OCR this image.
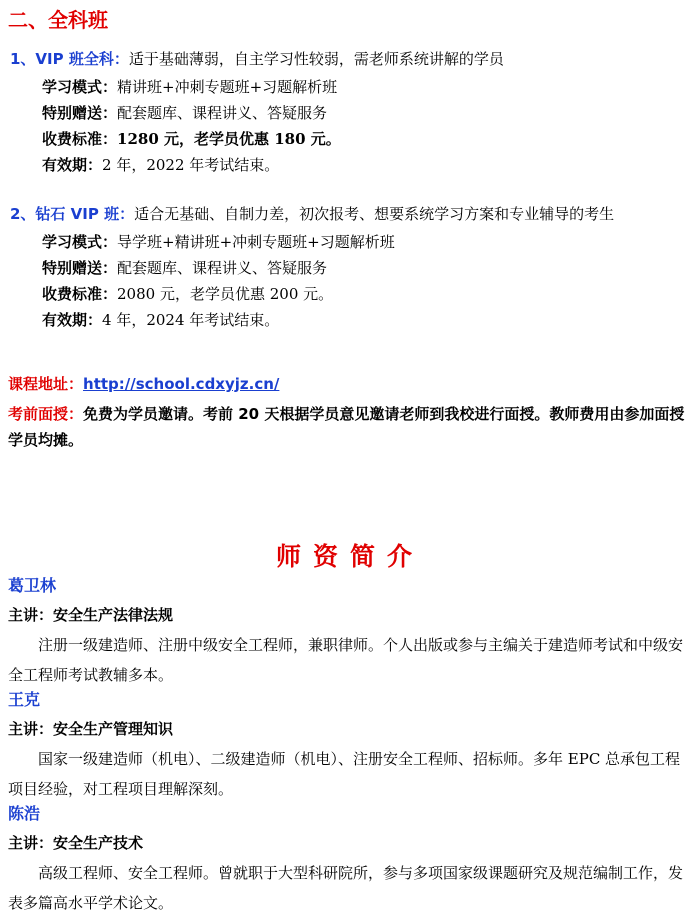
二、全科班
1、VIP 班全科：适于基础薄弱，自主学习性较弱，需老师系统讲解的学员
学习模式：精讲班+冲刺专题班+习题解析班
特别赠送：配套题库、课程讲义、答疑服务
收费标准：1280 元，老学员优惠 180 元。
有效期：2 年，2022 年考试结束。
2、钻石 VIP 班：适合无基础、自制力差，初次报考、想要系统学习方案和专业辅导的考生
学习模式：导学班+精讲班+冲刺专题班+习题解析班
特别赠送：配套题库、课程讲义、答疑服务
收费标准：2080 元，老学员优惠 200 元。
有效期：4 年，2024 年考试结束。
课程地址：http://school.cdxyjz.cn/
考前面授：免费为学员邀请。考前 20 天根据学员意见邀请老师到我校进行面授。教师费用由参加面授学员均摊。
师资简介
葛卫林
主讲：安全生产法律法规
注册一级建造师、注册中级安全工程师，兼职律师。个人出版或参与主编关于建造师考试和中级安全工程师考试教辅多本。
王克
主讲：安全生产管理知识
国家一级建造师（机电）、二级建造师（机电）、注册安全工程师、招标师。多年 EPC 总承包工程项目经验，对工程项目理解深刻。
陈浩
主讲：安全生产技术
高级工程师、安全工程师。曾就职于大型科研院所，参与多项国家级课题研究及规范编制工作，发表多篇高水平学术论文。
